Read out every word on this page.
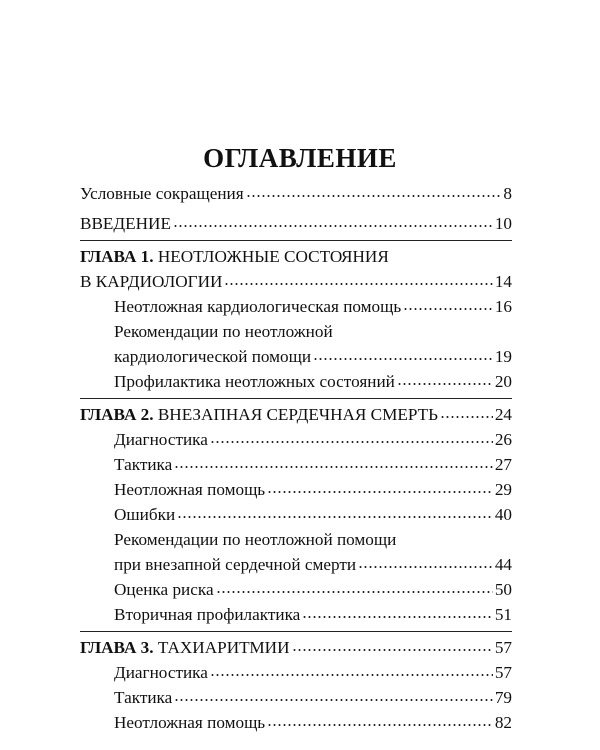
ОГЛАВЛЕНИЕ
Условные сокращения	8
ВВЕДЕНИЕ	10
ГЛАВА 1. НЕОТЛОЖНЫЕ СОСТОЯНИЯ
В КАРДИОЛОГИИ	14
Неотложная кардиологическая помощь	16
Рекомендации по неотложной
кардиологической помощи	19
Профилактика неотложных состояний	20
ГЛАВА 2. ВНЕЗАПНАЯ СЕРДЕЧНАЯ СМЕРТЬ	24
Диагностика	26
Тактика	27
Неотложная помощь	29
Ошибки	40
Рекомендации по неотложной помощи
при внезапной сердечной смерти	44
Оценка риска	50
Вторичная профилактика	51
ГЛАВА 3. ТАХИАРИТМИИ	57
Диагностика	57
Тактика	79
Неотложная помощь	82
